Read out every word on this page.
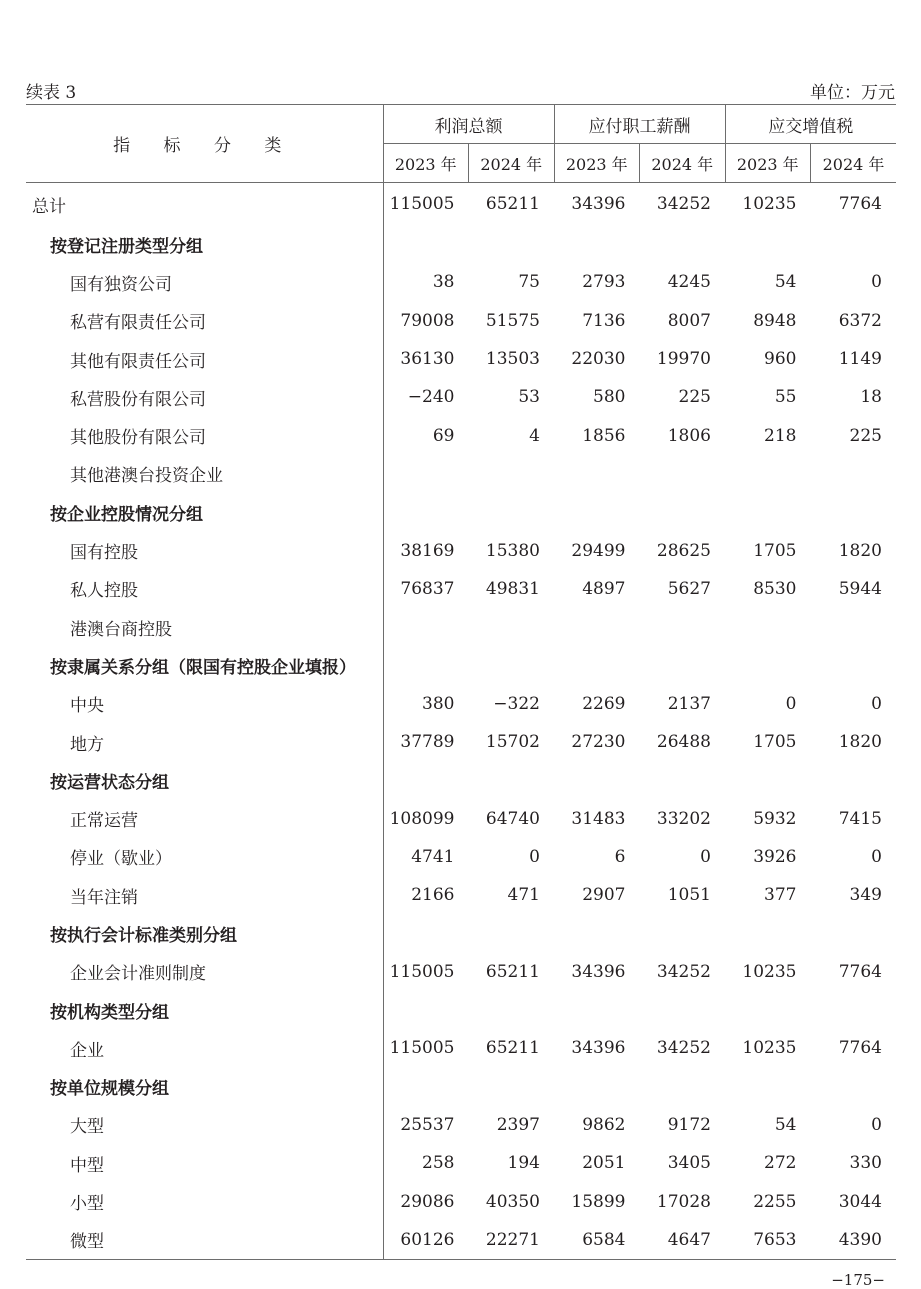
续表 3	单位：万元
指 标 分 类	利润总额		应付职工薪酬		应交增值税	
	2023 年	2024 年	2023 年	2024 年	2023 年	2024 年
总计	115005	65211	34396	34252	10235	7764
按登记注册类型分组						
国有独资公司	38	75	2793	4245	54	0
私营有限责任公司	79008	51575	7136	8007	8948	6372
其他有限责任公司	36130	13503	22030	19970	960	1149
私营股份有限公司	−240	53	580	225	55	18
其他股份有限公司	69	4	1856	1806	218	225
其他港澳台投资企业						
按企业控股情况分组						
国有控股	38169	15380	29499	28625	1705	1820
私人控股	76837	49831	4897	5627	8530	5944
港澳台商控股						
按隶属关系分组（限国有控股企业填报）						
中央	380	−322	2269	2137	0	0
地方	37789	15702	27230	26488	1705	1820
按运营状态分组						
正常运营	108099	64740	31483	33202	5932	7415
停业（歇业）	4741	0	6	0	3926	0
当年注销	2166	471	2907	1051	377	349
按执行会计标准类别分组						
企业会计准则制度	115005	65211	34396	34252	10235	7764
按机构类型分组						
企业	115005	65211	34396	34252	10235	7764
按单位规模分组						
大型	25537	2397	9862	9172	54	0
中型	258	194	2051	3405	272	330
小型	29086	40350	15899	17028	2255	3044
微型	60126	22271	6584	4647	7653	4390
−175−
